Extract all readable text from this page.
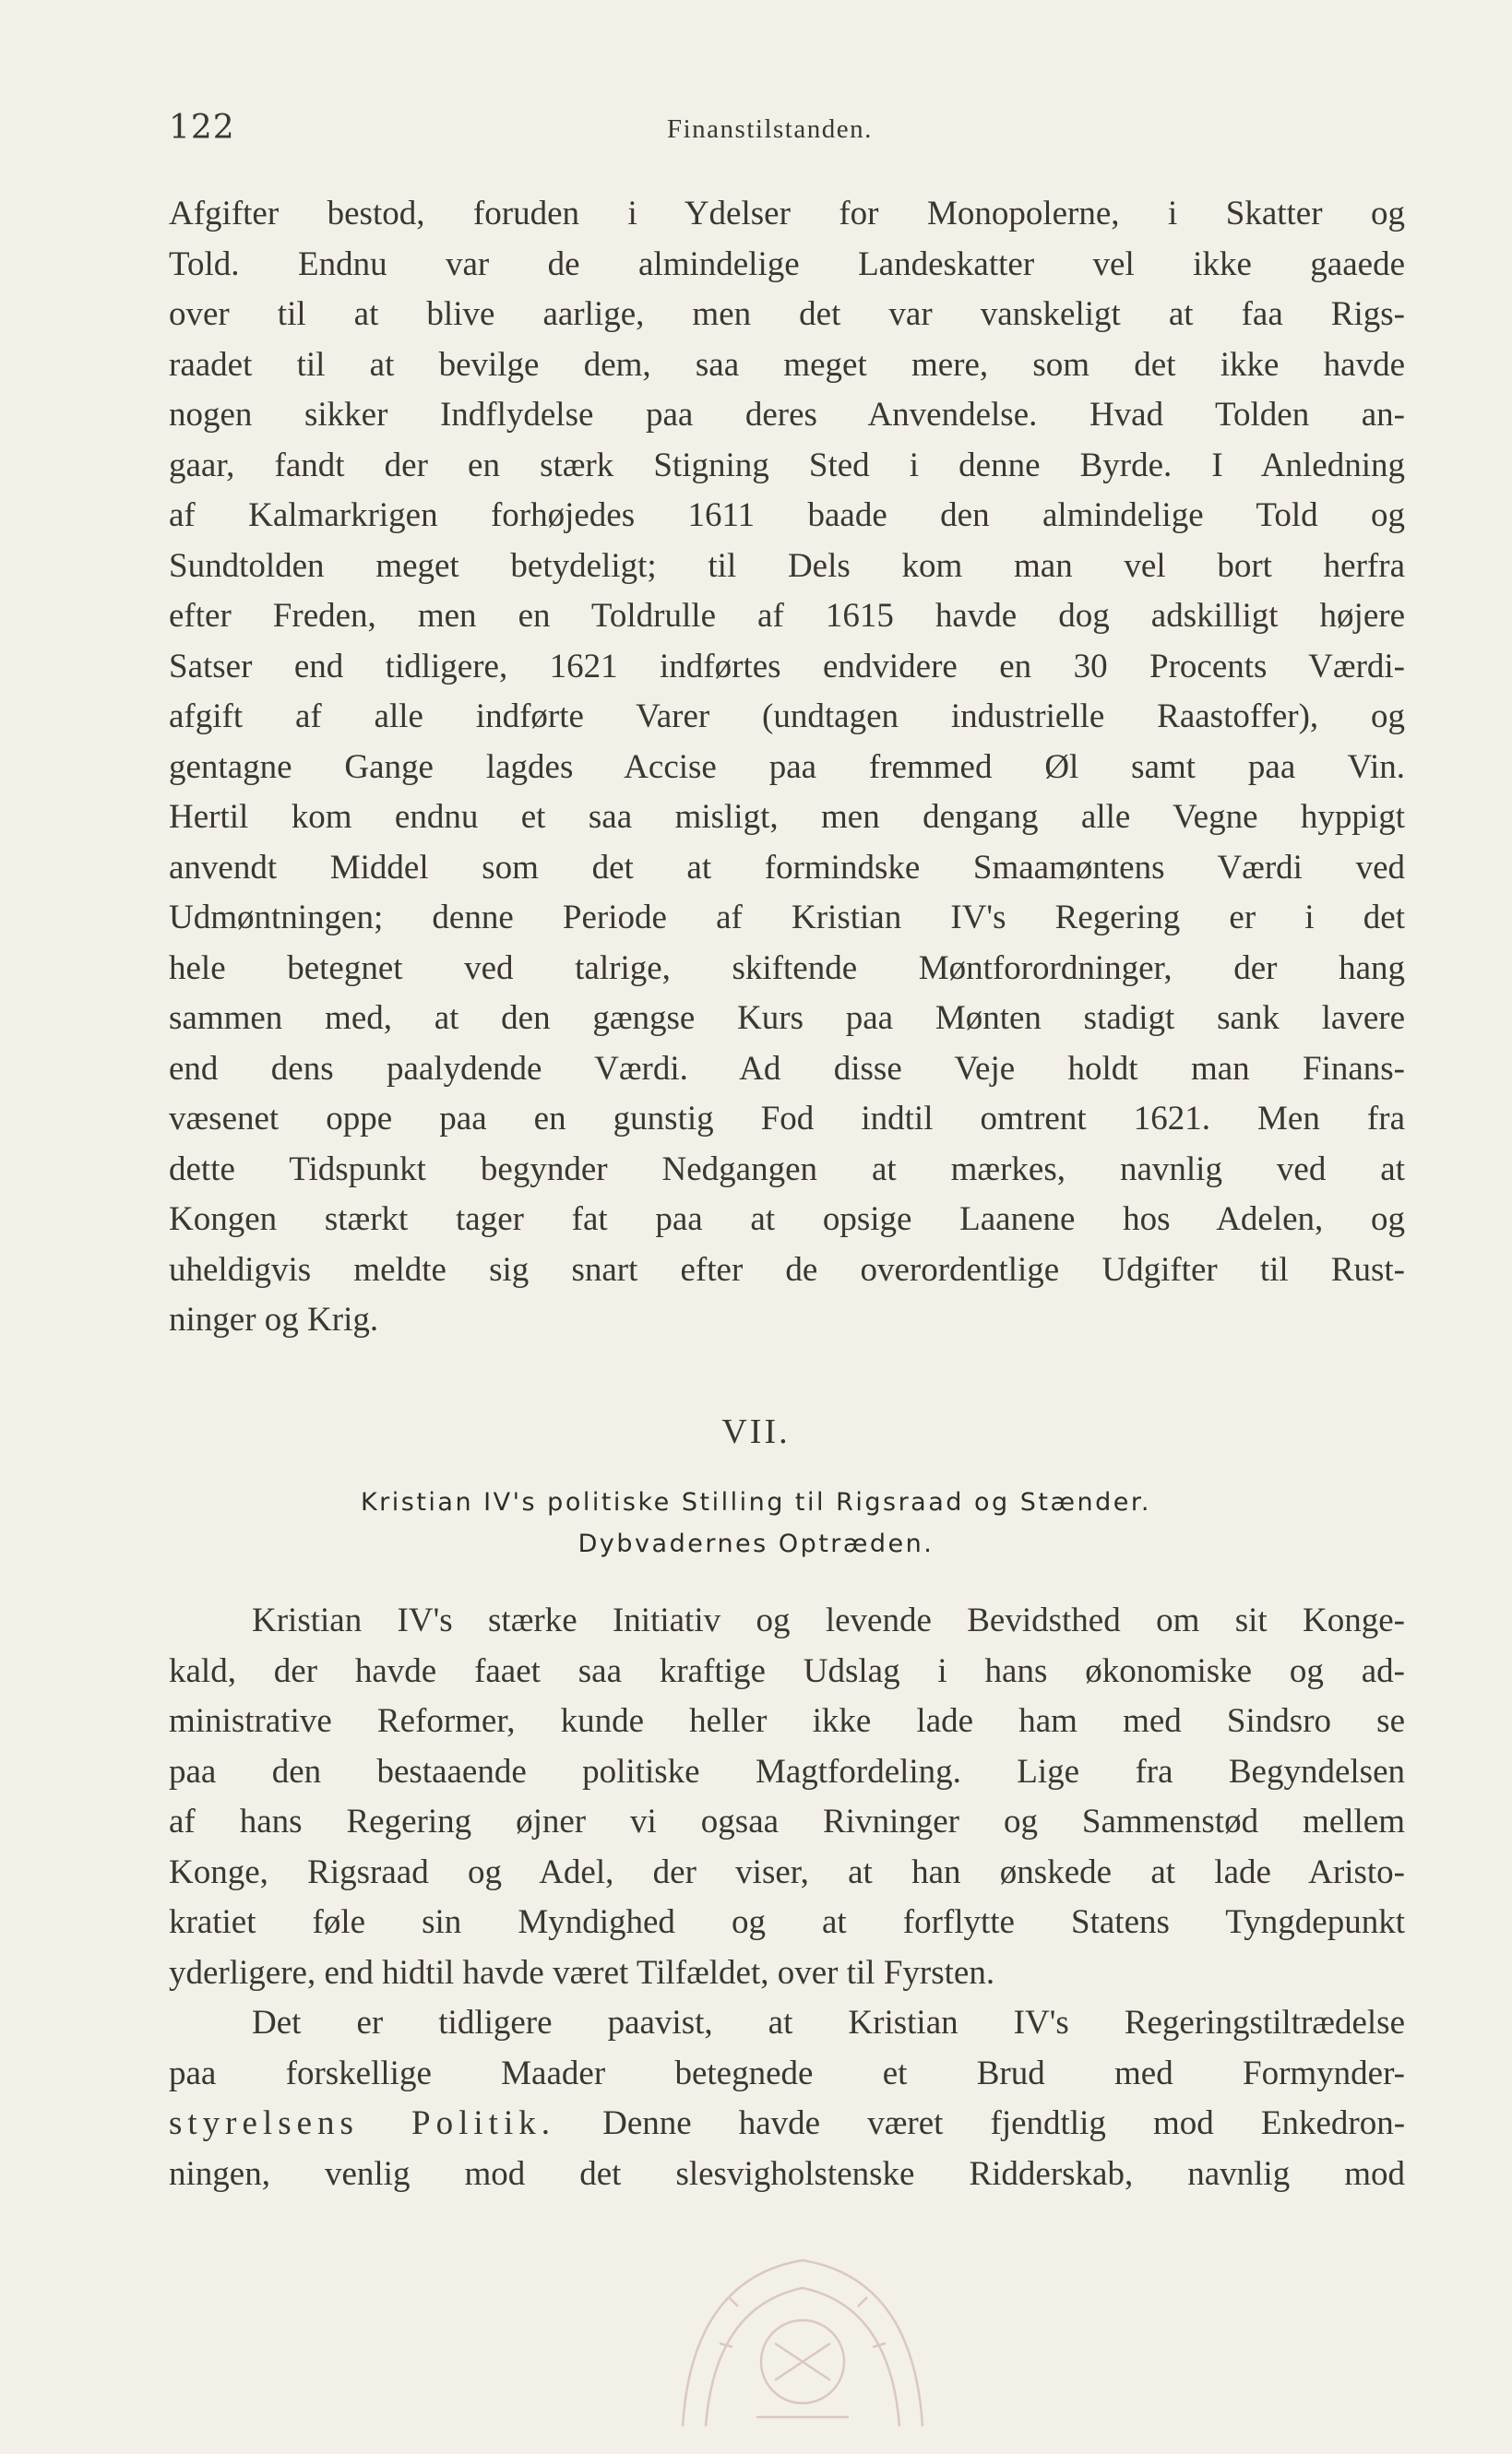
122	Finanstilstanden.
Afgifter bestod, foruden i Ydelser for Monopolerne, i Skatter og
Told. Endnu var de almindelige Landeskatter vel ikke gaaede
over til at blive aarlige, men det var vanskeligt at faa Rigs-
raadet til at bevilge dem, saa meget mere, som det ikke havde
nogen sikker Indflydelse paa deres Anvendelse. Hvad Tolden an-
gaar, fandt der en stærk Stigning Sted i denne Byrde. I Anledning
af Kalmarkrigen forhøjedes 1611 baade den almindelige Told og
Sundtolden meget betydeligt; til Dels kom man vel bort herfra
efter Freden, men en Toldrulle af 1615 havde dog adskilligt højere
Satser end tidligere, 1621 indførtes endvidere en 30 Procents Værdi-
afgift af alle indførte Varer (undtagen industrielle Raastoffer), og
gentagne Gange lagdes Accise paa fremmed Øl samt paa Vin.
Hertil kom endnu et saa misligt, men dengang alle Vegne hyppigt
anvendt Middel som det at formindske Smaamøntens Værdi ved
Udmøntningen; denne Periode af Kristian IV's Regering er i det
hele betegnet ved talrige, skiftende Møntforordninger, der hang
sammen med, at den gængse Kurs paa Mønten stadigt sank lavere
end dens paalydende Værdi. Ad disse Veje holdt man Finans-
væsenet oppe paa en gunstig Fod indtil omtrent 1621. Men fra
dette Tidspunkt begynder Nedgangen at mærkes, navnlig ved at
Kongen stærkt tager fat paa at opsige Laanene hos Adelen, og
uheldigvis meldte sig snart efter de overordentlige Udgifter til Rust-
ninger og Krig.
VII.
Kristian IV's politiske Stilling til Rigsraad og Stænder.
Dybvadernes Optræden.
Kristian IV's stærke Initiativ og levende Bevidsthed om sit Konge-
kald, der havde faaet saa kraftige Udslag i hans økonomiske og ad-
ministrative Reformer, kunde heller ikke lade ham med Sindsro se
paa den bestaaende politiske Magtfordeling. Lige fra Begyndelsen
af hans Regering øjner vi ogsaa Rivninger og Sammenstød mellem
Konge, Rigsraad og Adel, der viser, at han ønskede at lade Aristo-
kratiet føle sin Myndighed og at forflytte Statens Tyngdepunkt
yderligere, end hidtil havde været Tilfældet, over til Fyrsten.
Det er tidligere paavist, at Kristian IV's Regeringstiltrædelse
paa forskellige Maader betegnede et Brud med Formynder-
styrelsens Politik. Denne havde været fjendtlig mod Enkedron-
ningen, venlig mod det slesvigholstenske Ridderskab, navnlig mod
